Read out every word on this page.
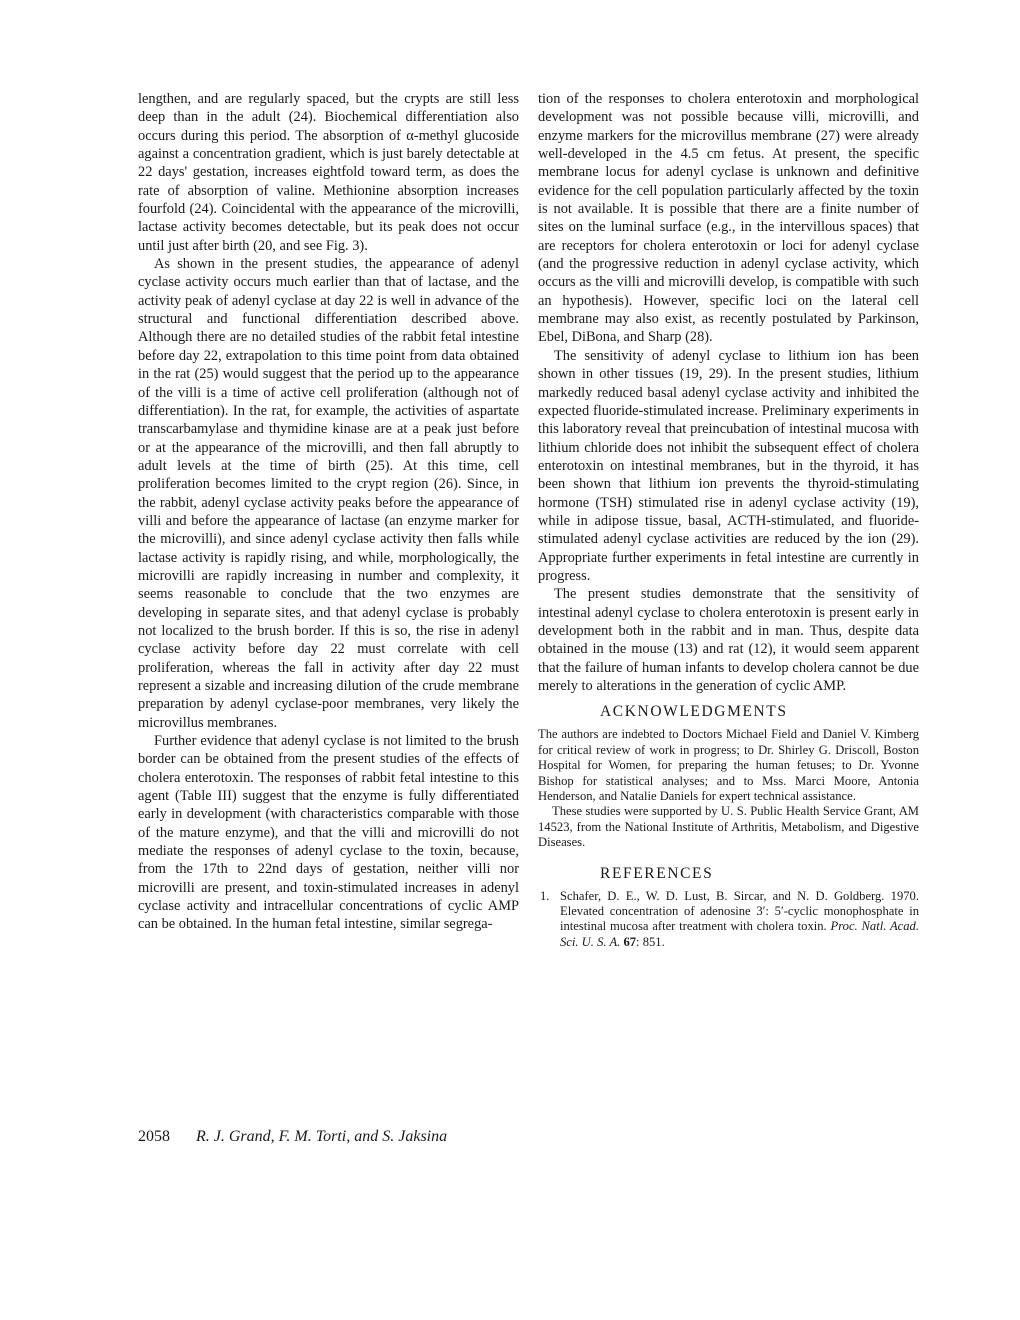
lengthen, and are regularly spaced, but the crypts are still less deep than in the adult (24). Biochemical differentiation also occurs during this period. The absorption of α-methyl glucoside against a concentration gradient, which is just barely detectable at 22 days' gestation, increases eightfold toward term, as does the rate of absorption of valine. Methionine absorption increases fourfold (24). Coincidental with the appearance of the microvilli, lactase activity becomes detectable, but its peak does not occur until just after birth (20, and see Fig. 3).

As shown in the present studies, the appearance of adenyl cyclase activity occurs much earlier than that of lactase, and the activity peak of adenyl cyclase at day 22 is well in advance of the structural and functional differentiation described above. Although there are no detailed studies of the rabbit fetal intestine before day 22, extrapolation to this time point from data obtained in the rat (25) would suggest that the period up to the appearance of the villi is a time of active cell proliferation (although not of differentiation). In the rat, for example, the activities of aspartate transcarbamylase and thymidine kinase are at a peak just before or at the appearance of the microvilli, and then fall abruptly to adult levels at the time of birth (25). At this time, cell proliferation becomes limited to the crypt region (26). Since, in the rabbit, adenyl cyclase activity peaks before the appearance of villi and before the appearance of lactase (an enzyme marker for the microvilli), and since adenyl cyclase activity then falls while lactase activity is rapidly rising, and while, morphologically, the microvilli are rapidly increasing in number and complexity, it seems reasonable to conclude that the two enzymes are developing in separate sites, and that adenyl cyclase is probably not localized to the brush border. If this is so, the rise in adenyl cyclase activity before day 22 must correlate with cell proliferation, whereas the fall in activity after day 22 must represent a sizable and increasing dilution of the crude membrane preparation by adenyl cyclase-poor membranes, very likely the microvillus membranes.

Further evidence that adenyl cyclase is not limited to the brush border can be obtained from the present studies of the effects of cholera enterotoxin. The responses of rabbit fetal intestine to this agent (Table III) suggest that the enzyme is fully differentiated early in development (with characteristics comparable with those of the mature enzyme), and that the villi and microvilli do not mediate the responses of adenyl cyclase to the toxin, because, from the 17th to 22nd days of gestation, neither villi nor microvilli are present, and toxin-stimulated increases in adenyl cyclase activity and intracellular concentrations of cyclic AMP can be obtained. In the human fetal intestine, similar segrega-

tion of the responses to cholera enterotoxin and morphological development was not possible because villi, microvilli, and enzyme markers for the microvillus membrane (27) were already well-developed in the 4.5 cm fetus. At present, the specific membrane locus for adenyl cyclase is unknown and definitive evidence for the cell population particularly affected by the toxin is not available. It is possible that there are a finite number of sites on the luminal surface (e.g., in the intervillous spaces) that are receptors for cholera enterotoxin or loci for adenyl cyclase (and the progressive reduction in adenyl cyclase activity, which occurs as the villi and microvilli develop, is compatible with such an hypothesis). However, specific loci on the lateral cell membrane may also exist, as recently postulated by Parkinson, Ebel, DiBona, and Sharp (28).

The sensitivity of adenyl cyclase to lithium ion has been shown in other tissues (19, 29). In the present studies, lithium markedly reduced basal adenyl cyclase activity and inhibited the expected fluoride-stimulated increase. Preliminary experiments in this laboratory reveal that preincubation of intestinal mucosa with lithium chloride does not inhibit the subsequent effect of cholera enterotoxin on intestinal membranes, but in the thyroid, it has been shown that lithium ion prevents the thyroid-stimulating hormone (TSH) stimulated rise in adenyl cyclase activity (19), while in adipose tissue, basal, ACTH-stimulated, and fluoride-stimulated adenyl cyclase activities are reduced by the ion (29). Appropriate further experiments in fetal intestine are currently in progress.

The present studies demonstrate that the sensitivity of intestinal adenyl cyclase to cholera enterotoxin is present early in development both in the rabbit and in man. Thus, despite data obtained in the mouse (13) and rat (12), it would seem apparent that the failure of human infants to develop cholera cannot be due merely to alterations in the generation of cyclic AMP.

ACKNOWLEDGMENTS

The authors are indebted to Doctors Michael Field and Daniel V. Kimberg for critical review of work in progress; to Dr. Shirley G. Driscoll, Boston Hospital for Women, for preparing the human fetuses; to Dr. Yvonne Bishop for statistical analyses; and to Mss. Marci Moore, Antonia Henderson, and Natalie Daniels for expert technical assistance.

These studies were supported by U. S. Public Health Service Grant, AM 14523, from the National Institute of Arthritis, Metabolism, and Digestive Diseases.

REFERENCES
1. Schafer, D. E., W. D. Lust, B. Sircar, and N. D. Goldberg. 1970. Elevated concentration of adenosine 3′: 5′-cyclic monophosphate in intestinal mucosa after treatment with cholera toxin. Proc. Natl. Acad. Sci. U. S. A. 67: 851.
2058 R. J. Grand, F. M. Torti, and S. Jaksina
